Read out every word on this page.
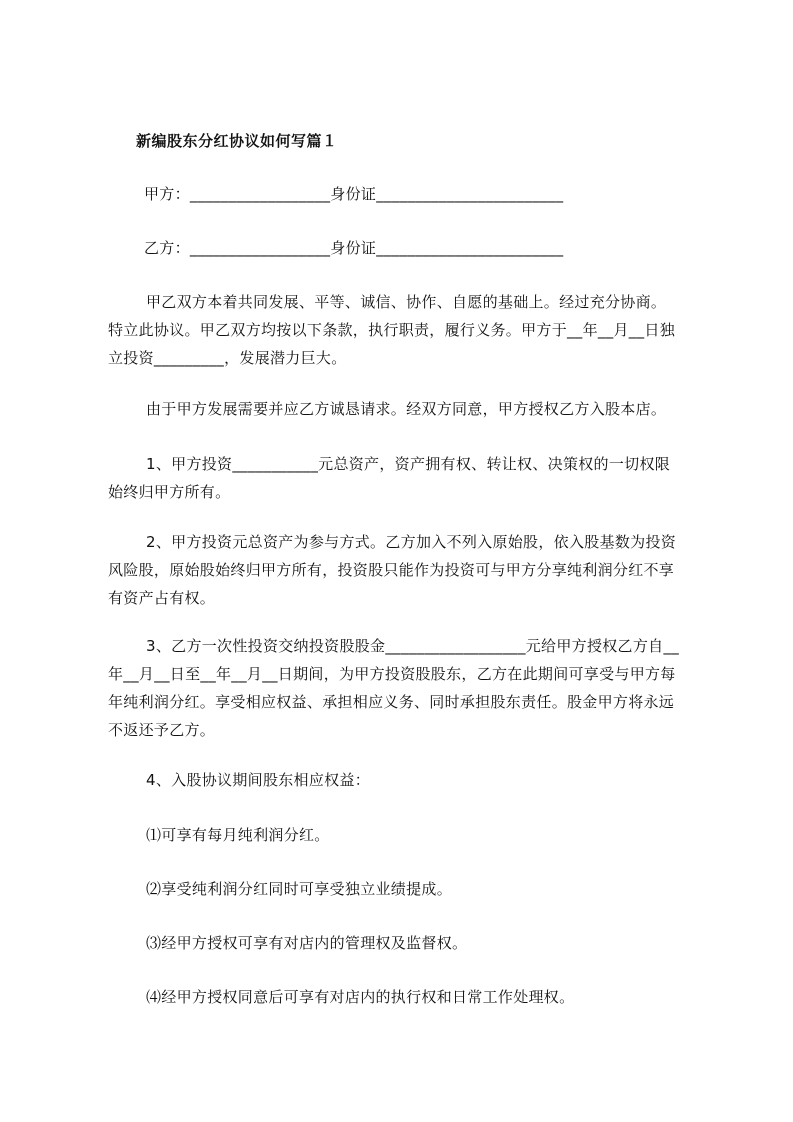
新编股东分红协议如何写篇１
甲方：__________________身份证________________________
乙方：__________________身份证________________________
甲乙双方本着共同发展、平等、诚信、协作、自愿的基础上。经过充分协商。
特立此协议。甲乙双方均按以下条款，执行职责，履行义务。甲方于__年__月__日独
立投资_________，发展潜力巨大。
由于甲方发展需要并应乙方诚恳请求。经双方同意，甲方授权乙方入股本店。
1、甲方投资___________元总资产，资产拥有权、转让权、决策权的一切权限
始终归甲方所有。
2、甲方投资元总资产为参与方式。乙方加入不列入原始股，依入股基数为投资
风险股，原始股始终归甲方所有，投资股只能作为投资可与甲方分享纯利润分红不享
有资产占有权。
3、乙方一次性投资交纳投资股股金__________________元给甲方授权乙方自__
年__月__日至__年__月__日期间，为甲方投资股股东，乙方在此期间可享受与甲方每
年纯利润分红。享受相应权益、承担相应义务、同时承担股东责任。股金甲方将永远
不返还予乙方。
4、入股协议期间股东相应权益：
⑴可享有每月纯利润分红。
⑵享受纯利润分红同时可享受独立业绩提成。
⑶经甲方授权可享有对店内的管理权及监督权。
⑷经甲方授权同意后可享有对店内的执行权和日常工作处理权。
